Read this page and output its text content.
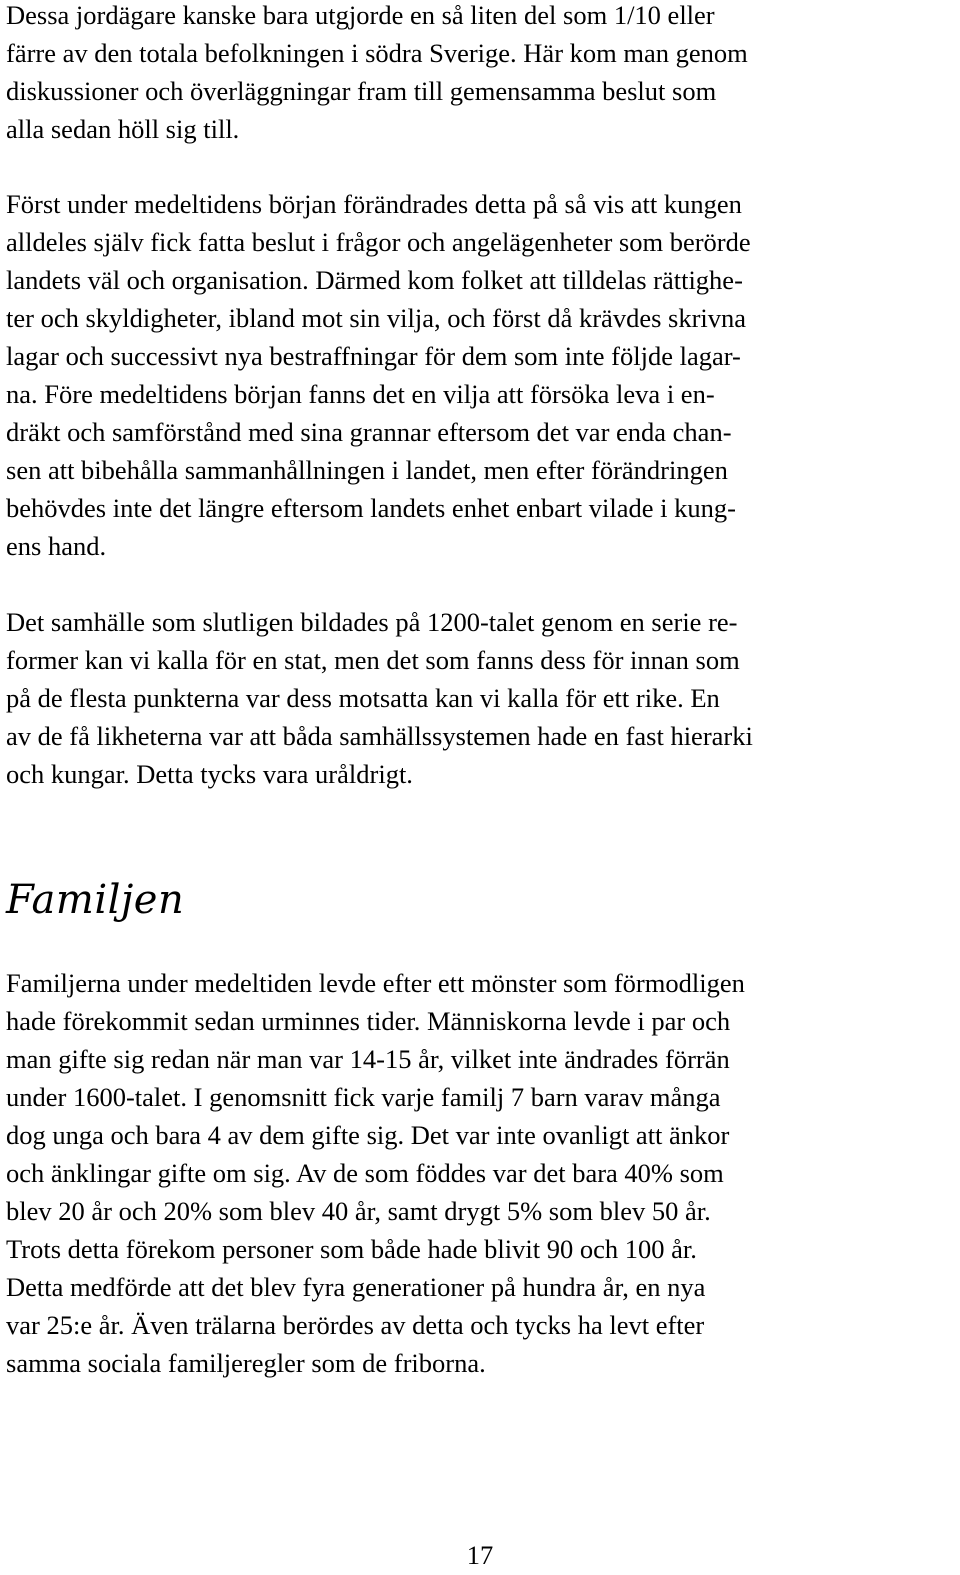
Dessa jordägare kanske bara utgjorde en så liten del som 1/10 eller
färre av den totala befolkningen i södra Sverige. Här kom man genom
diskussioner och överläggningar fram till gemensamma beslut som
alla sedan höll sig till.
Först under medeltidens början förändrades detta på så vis att kungen
alldeles själv fick fatta beslut i frågor och angelägenheter som berörde
landets väl och organisation. Därmed kom folket att tilldelas rättighe-
ter och skyldigheter, ibland mot sin vilja, och först då krävdes skrivna
lagar och successivt nya bestraffningar för dem som inte följde lagar-
na. Före medeltidens början fanns det en vilja att försöka leva i en-
dräkt och samförstånd med sina grannar eftersom det var enda chan-
sen att bibehålla sammanhållningen i landet, men efter förändringen
behövdes inte det längre eftersom landets enhet enbart vilade i kung-
ens hand.
Det samhälle som slutligen bildades på 1200-talet genom en serie re-
former kan vi kalla för en stat, men det som fanns dess för innan som
på de flesta punkterna var dess motsatta kan vi kalla för ett rike. En
av de få likheterna var att båda samhällssystemen hade en fast hierarki
och kungar. Detta tycks vara uråldrigt.
Familjen
Familjerna under medeltiden levde efter ett mönster som förmodligen
hade förekommit sedan urminnes tider. Människorna levde i par och
man gifte sig redan när man var 14-15 år, vilket inte ändrades förrän
under 1600-talet. I genomsnitt fick varje familj 7 barn varav många
dog unga och bara 4 av dem gifte sig. Det var inte ovanligt att änkor
och änklingar gifte om sig. Av de som föddes var det bara 40% som
blev 20 år och 20% som blev 40 år, samt drygt 5% som blev 50 år.
Trots detta förekom personer som både hade blivit 90 och 100 år.
Detta medförde att det blev fyra generationer på hundra år, en nya
var 25:e år. Även trälarna berördes av detta och tycks ha levt efter
samma sociala familjeregler som de friborna.
17
